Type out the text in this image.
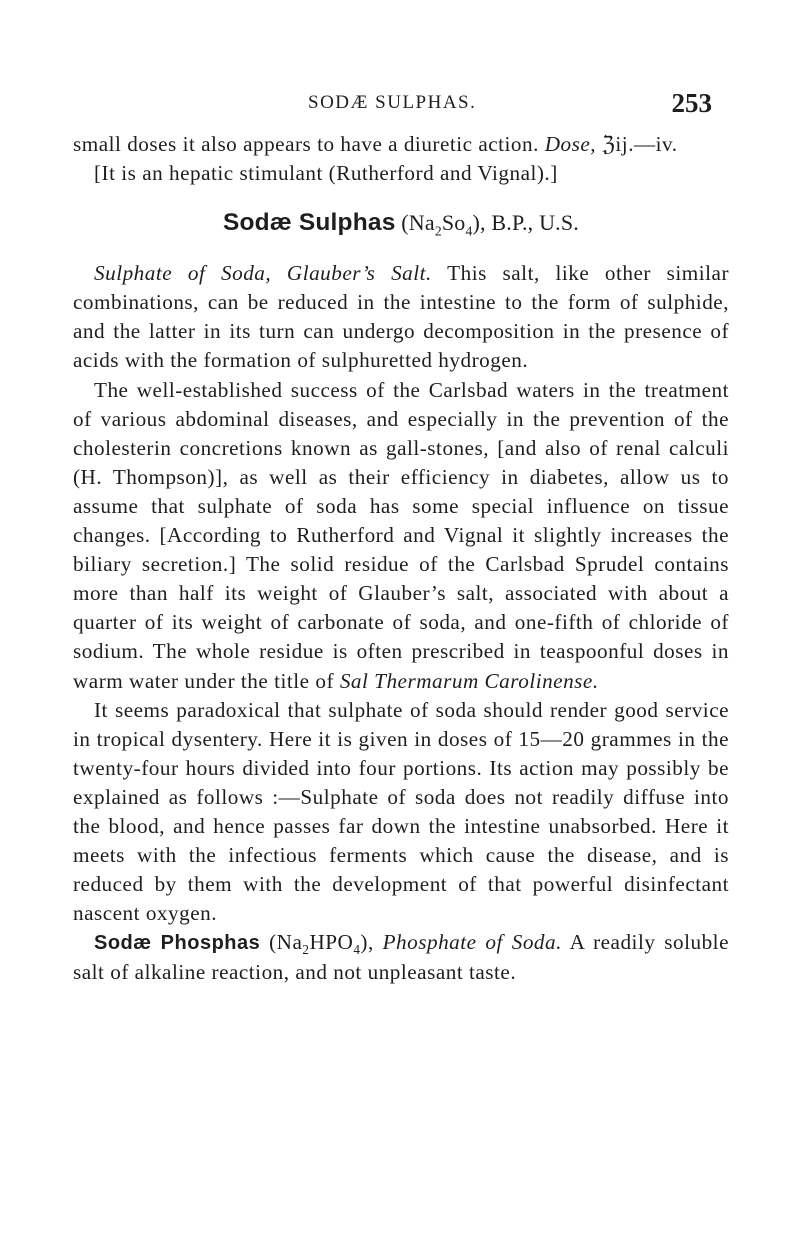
SODÆ SULPHAS.	253

small doses it also appears to have a diuretic action. Dose, ℨij.—iv.

[It is an hepatic stimulant (Rutherford and Vignal).]

Sodæ Sulphas $(Na_2So_4)$, B.P., U.S.

Sulphate of Soda, Glauber’s Salt. This salt, like other similar combinations, can be reduced in the intestine to the form of sulphide, and the latter in its turn can undergo decomposition in the presence of acids with the formation of sulphuretted hydrogen.

The well-established success of the Carlsbad waters in the treatment of various abdominal diseases, and especially in the prevention of the cholesterin concretions known as gall-stones, [and also of renal calculi (H. Thompson)], as well as their efficiency in diabetes, allow us to assume that sulphate of soda has some special influence on tissue changes. [According to Rutherford and Vignal it slightly increases the biliary secretion.] The solid residue of the Carlsbad Sprudel contains more than half its weight of Glauber’s salt, associated with about a quarter of its weight of carbonate of soda, and one-fifth of chloride of sodium. The whole residue is often prescribed in teaspoonful doses in warm water under the title of Sal Thermarum Carolinense.

It seems paradoxical that sulphate of soda should render good service in tropical dysentery. Here it is given in doses of 15—20 grammes in the twenty-four hours divided into four portions. Its action may possibly be explained as follows :—Sulphate of soda does not readily diffuse into the blood, and hence passes far down the intestine unabsorbed. Here it meets with the infectious ferments which cause the disease, and is reduced by them with the development of that powerful disinfectant nascent oxygen.

Sodæ Phosphas $(Na_2HPO_4)$, Phosphate of Soda. A readily soluble salt of alkaline reaction, and not unpleasant taste.
